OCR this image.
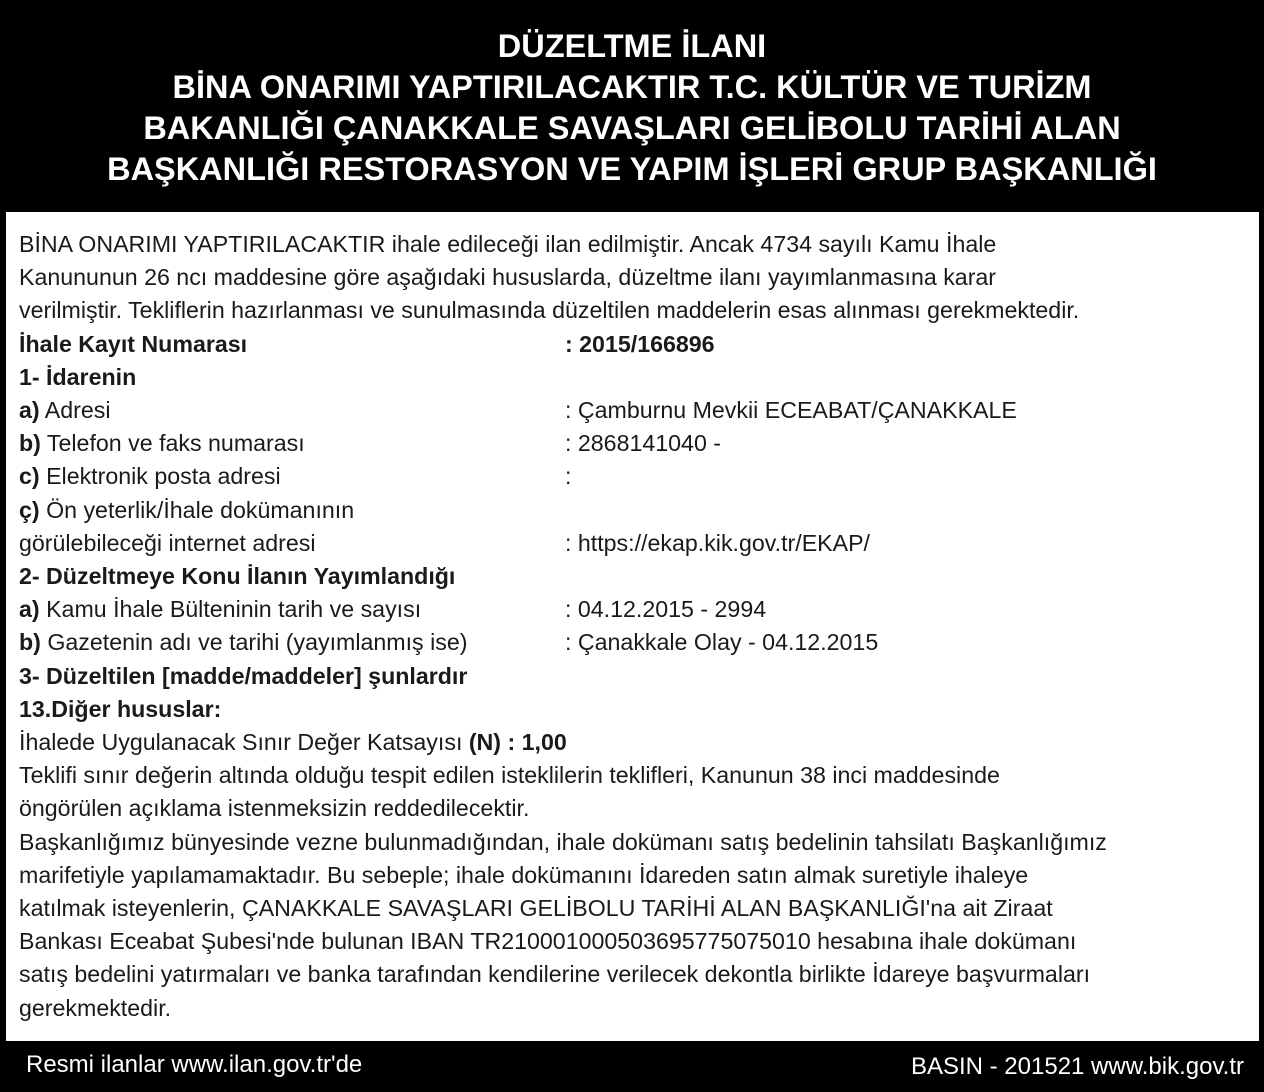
DÜZELTME İLANI
BİNA ONARIMI YAPTIRILACAKTIR T.C. KÜLTÜR VE TURİZM
BAKANLIĞI ÇANAKKALE SAVAŞLARI GELİBOLU TARİHİ ALAN
BAŞKANLIĞI RESTORASYON VE YAPIM İŞLERİ GRUP BAŞKANLIĞI

BİNA ONARIMI YAPTIRILACAKTIR ihale edileceği ilan edilmiştir. Ancak 4734 sayılı Kamu İhale

Kanununun 26 ncı maddesine göre aşağıdaki hususlarda, düzeltme ilanı yayımlanmasına karar

verilmiştir. Tekliflerin hazırlanması ve sunulmasında düzeltilen maddelerin esas alınması gerekmektedir.

İhale Kayıt Numarası	: 2015/166896

1- İdarenin

a) Adresi	: Çamburnu Mevkii ECEABAT/ÇANAKKALE
b) Telefon ve faks numarası	: 2868141040 -
c) Elektronik posta adresi	:
ç) Ön yeterlik/İhale dokümanının
görülebileceği internet adresi	: https://ekap.kik.gov.tr/EKAP/

2- Düzeltmeye Konu İlanın Yayımlandığı

a) Kamu İhale Bülteninin tarih ve sayısı	: 04.12.2015 - 2994
b) Gazetenin adı ve tarihi (yayımlanmış ise)	: Çanakkale Olay - 04.12.2015

3- Düzeltilen [madde/maddeler] şunlardır

13.Diğer hususlar:

İhalede Uygulanacak Sınır Değer Katsayısı (N) : 1,00

Teklifi sınır değerin altında olduğu tespit edilen isteklilerin teklifleri, Kanunun 38 inci maddesinde

öngörülen açıklama istenmeksizin reddedilecektir.

Başkanlığımız bünyesinde vezne bulunmadığından, ihale dokümanı satış bedelinin tahsilatı Başkanlığımız

marifetiyle yapılamamaktadır. Bu sebeple; ihale dokümanını İdareden satın almak suretiyle ihaleye

katılmak isteyenlerin, ÇANAKKALE SAVAŞLARI GELİBOLU TARİHİ ALAN BAŞKANLIĞI'na ait Ziraat

Bankası Eceabat Şubesi'nde bulunan IBAN TR210001000503695775075010 hesabına ihale dokümanı

satış bedelini yatırmaları ve banka tarafından kendilerine verilecek dekontla birlikte İdareye başvurmaları

gerekmektedir.

Resmi ilanlar www.ilan.gov.tr'de	BASIN - 201521 www.bik.gov.tr
